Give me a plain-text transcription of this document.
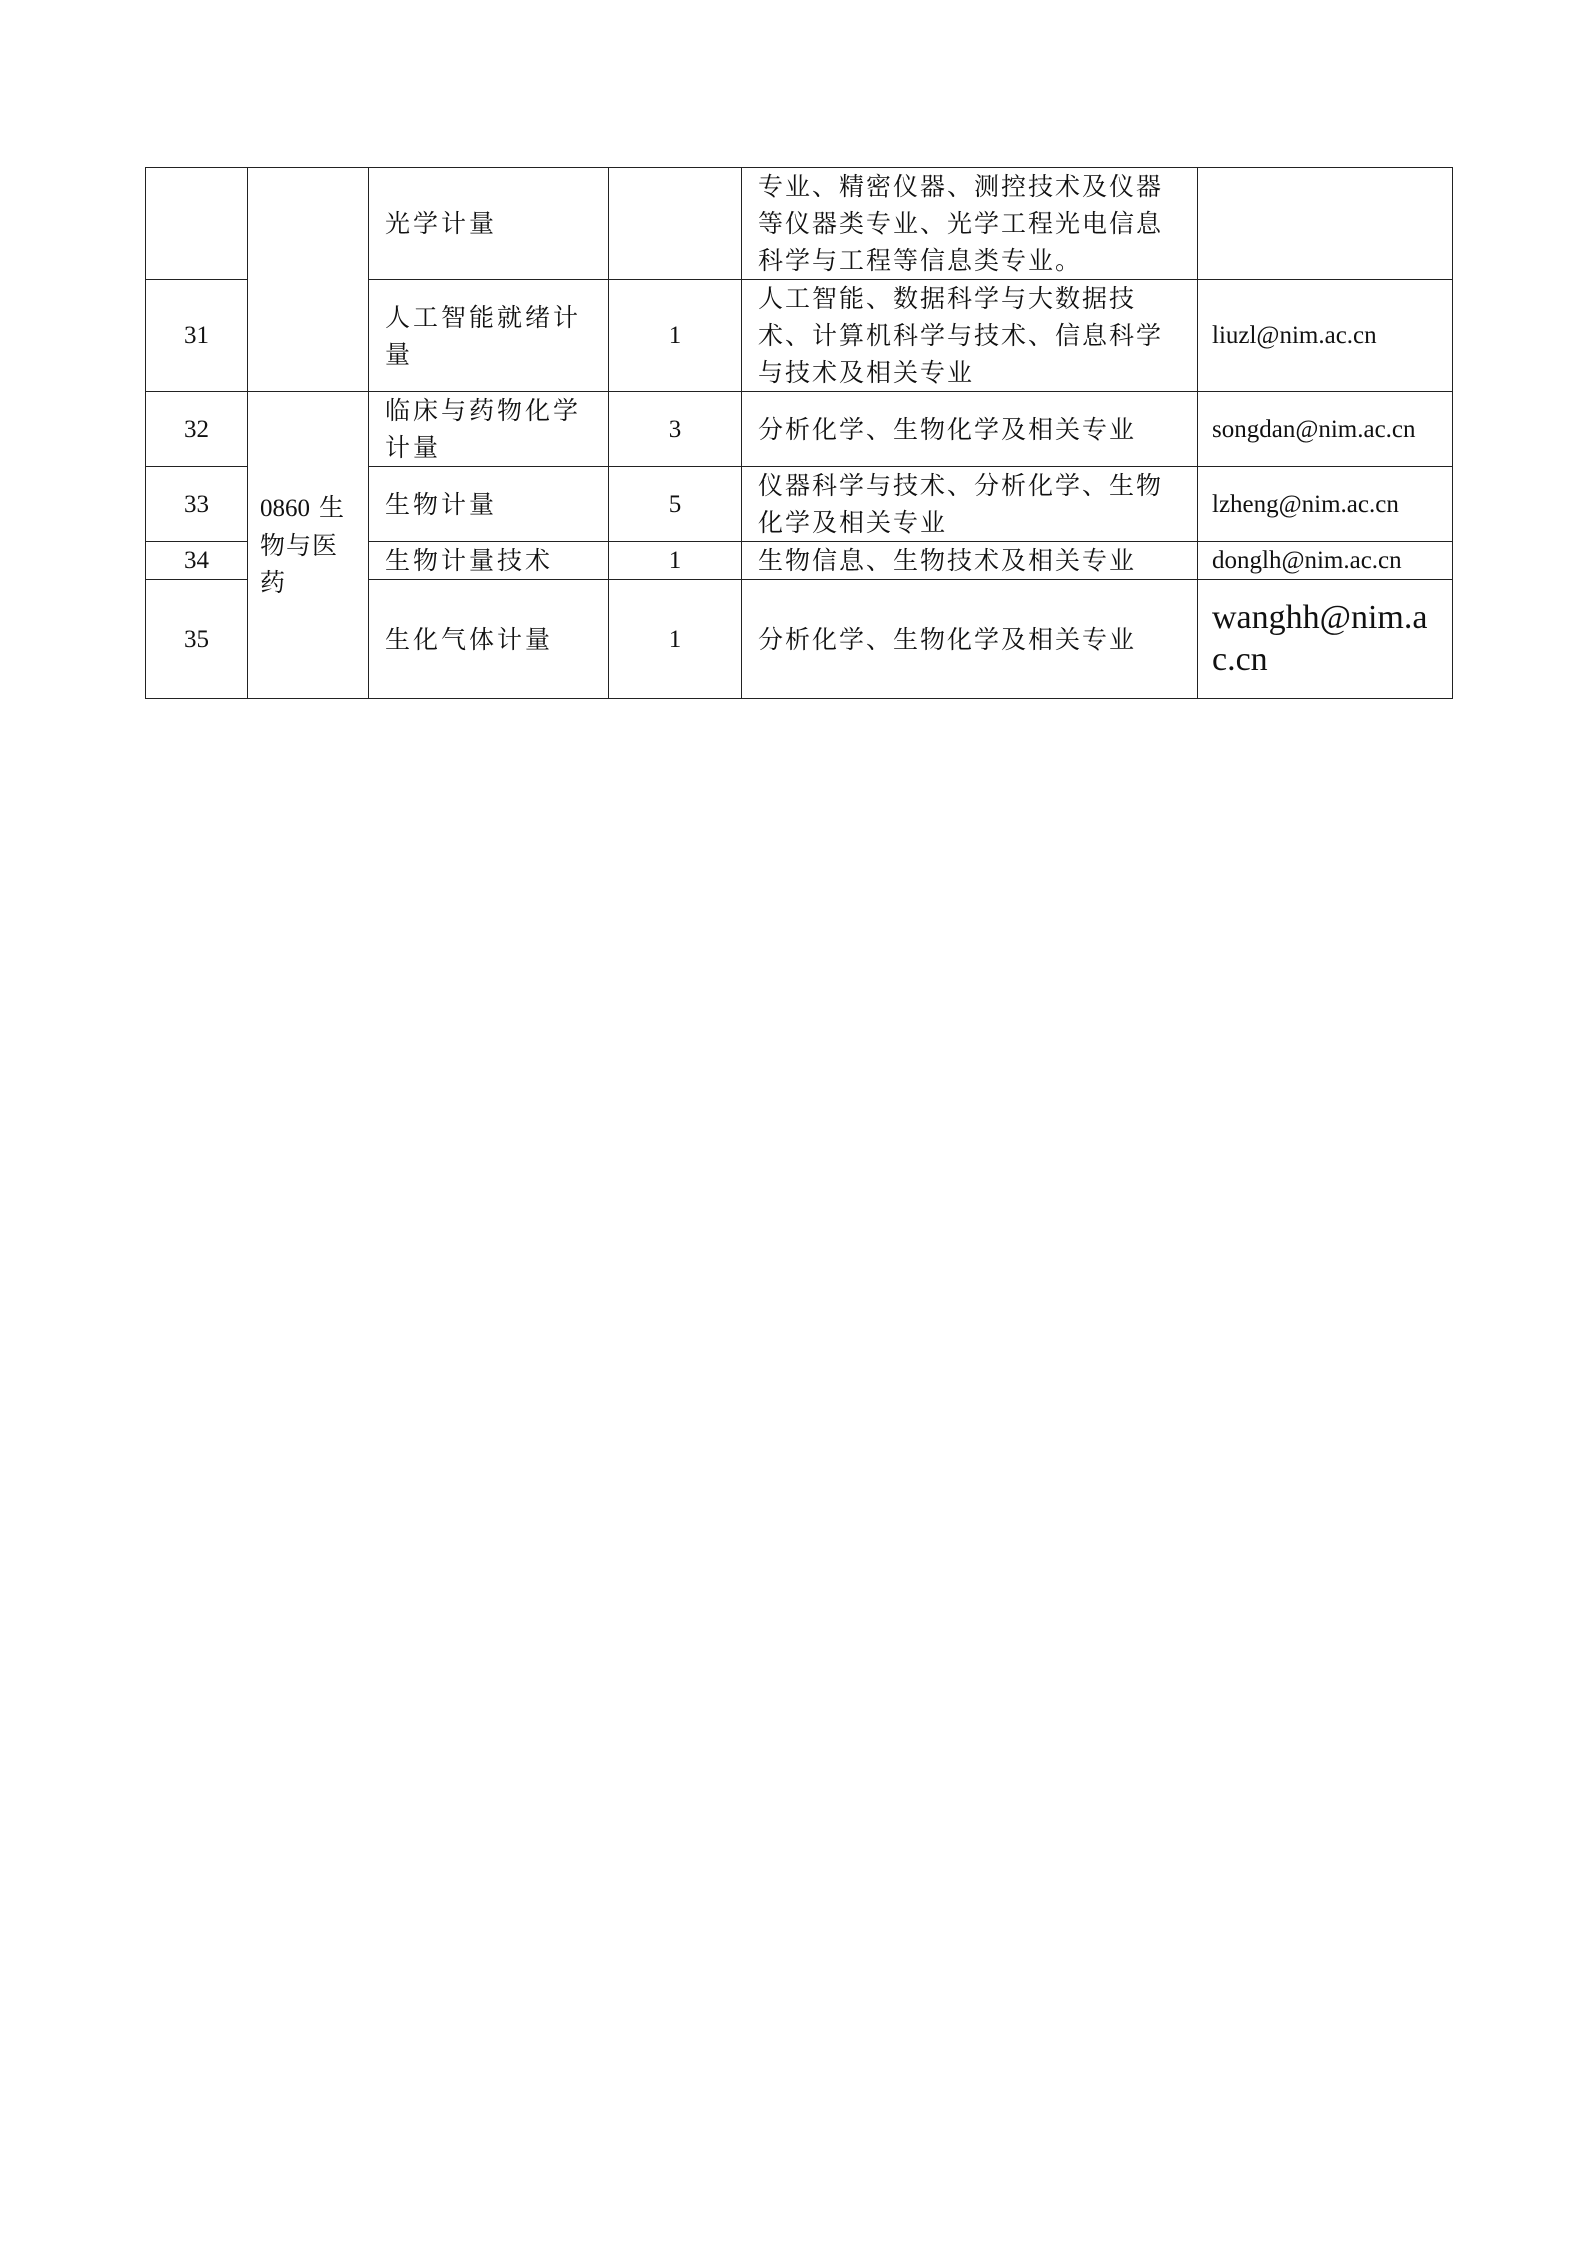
		光学计量		专业、精密仪器、测控技术及仪器等仪器类专业、光学工程光电信息科学与工程等信息类专业。	
31		人工智能就绪计量	1	人工智能、数据科学与大数据技术、计算机科学与技术、信息科学与技术及相关专业	liuzl@nim.ac.cn
32	0860 生物与医药	临床与药物化学计量	3	分析化学、生物化学及相关专业	songdan@nim.ac.cn
33		生物计量	5	仪器科学与技术、分析化学、生物化学及相关专业	lzheng@nim.ac.cn
34		生物计量技术	1	生物信息、生物技术及相关专业	donglh@nim.ac.cn
35		生化气体计量	1	分析化学、生物化学及相关专业	wanghh@nim.ac.cn
